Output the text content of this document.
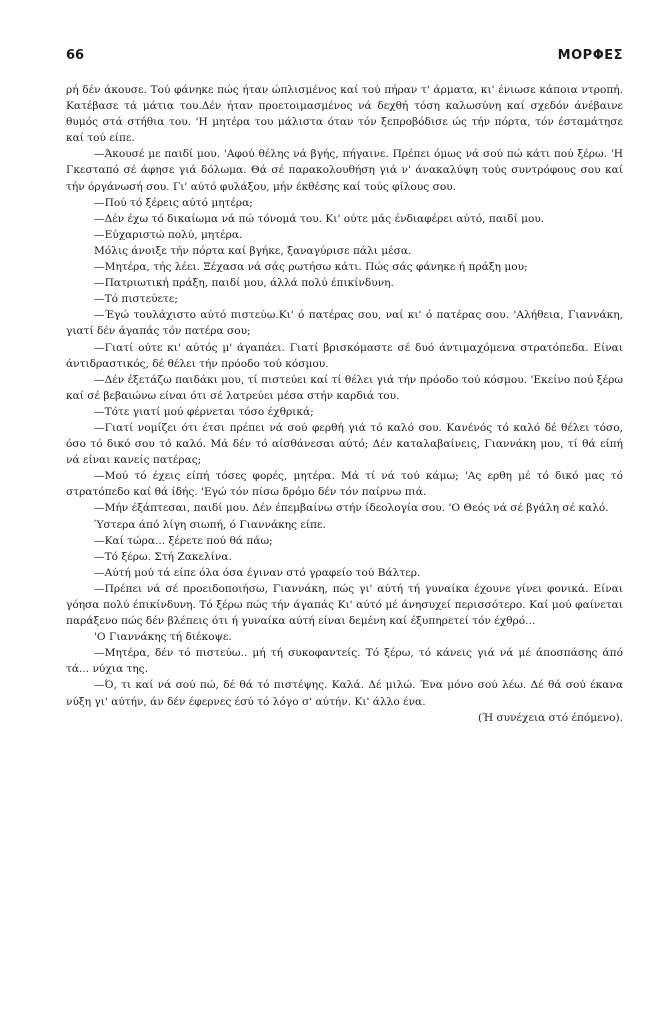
66	ΜΟΡΦΕΣ

ρή δέν άκουσε. Τού φάνηκε πώς ήταν ώπλισμένος καί τού πήραν τ' άρματα, κι' ένιωσε κάποια ντροπή. Κατέβασε τά μάτια του.Δέν ήταν προετοιμασμένος νά δεχθή τόση καλωσύνη καί σχεδόν άνέβαινε θυμός στά στήθια του. 'Η μητέρα του μάλιστα όταν τόν ξεπροβόδισε ώς τήν πόρτα, τόν έσταμάτησε καί τού είπε.

—Άκουσέ με παιδί μου. 'Αφού θέλης νά βγής, πήγαινε. Πρέπει όμως νά σού πώ κάτι πού ξέρω. 'Η Γκεσταπό σέ άφησε γιά δόλωμα. Θά σέ παρακολουθήση γιά ν' άνακαλύψη τούς συντρόφους σου καί τήν όργάνωσή σου. Γι' αύτό φυλάξου, μήν έκθέσης καί τούς φίλους σου.

—Πού τό ξέρεις αύτό μητέρα;

—Δέν έχω τό δικαίωμα νά πώ τόνομά του. Κι' ούτε μάς ένδιαφέρει αύτό, παιδί μου.

—Εύχαριστώ πολύ, μητέρα.

Μόλις άνοιξε τήν πόρτα καί βγήκε, ξαναγύρισε πάλι μέσα.

—Μητέρα, τής λέει. Ξέχασα νά σάς ρωτήσω κάτι. Πώς σάς φάνηκε ή πράξη μου;

—Πατριωτική πράξη, παιδί μου, άλλά πολύ έπικίνδυνη.

—Τό πιστεύετε;

—Έγώ τουλάχιστο αύτό πιστεύω.Κι' ό πατέρας σου, ναί κι' ό πατέρας σου. 'Αλήθεια, Γιαννάκη, γιατί δέν άγαπάς τόν πατέρα σου;

—Γιατί ούτε κι' αύτός μ' άγαπάει. Γιατί βρισκόμαστε σέ δυό άντιμαχόμενα στρατόπεδα. Είναι άντιδραστικός, δέ θέλει τήν πρόοδο τού κόσμου.

—Δέν έξετάζω παιδάκι μου, τί πιστεύει καί τί θέλει γιά τήν πρόοδο τού κόσμου. 'Εκείνο πού ξέρω καί σέ βεβαιώνω είναι ότι σέ λατρεύει μέσα στήν καρδιά του.

—Τότε γιατί μού φέρνεται τόσο έχθρικά;

—Γιατί νομίζει ότι έτσι πρέπει νά σού φερθή γιά τό καλό σου. Κανένός τό καλό δέ θέλει τόσο, όσο τό δικό σου τό καλό. Μά δέν τό αίσθάνεσαι αύτό; Δέν καταλαβαίνεις, Γιαννάκη μου, τί θά είπή νά είναι κανείς πατέρας;

—Μού τό έχεις είπή τόσες φορές, μητέρα. Μά τί νά τού κάμω; 'Ας ερθη μέ τό δικό μας τό στρατόπεδο καί θά ίδής. 'Εγώ τόν πίσω δρόμο δέν τόν παίρνω πιά.

—Μήν έξάπτεσαι, παιδί μου. Δέν έπεμβαίνω στήν ίδεολογία σου. 'Ο Θεός νά σέ βγάλη σέ καλό.

Ύστερα άπό λίγη σιωπή, ό Γιαννάκης είπε.

—Καί τώρα... ξέρετε πού θά πάω;

—Τό ξέρω. Στή Ζακελίνα.

—Αύτή μού τά είπε όλα όσα έγιναν στό γραφείο τού Βάλτερ.

—Πρέπει νά σέ προειδοποιήσω, Γιαννάκη, πώς γι' αύτή τή γυναίκα έχουνε γίνει φονικά. Είναι γόησα πολύ έπικίνδυνη. Τό ξέρω πώς τήν άγαπάς Κι' αύτό μέ άνησυχεί περισσότερο. Καί μού φαίνεται παράξενο πώς δέν βλέπεις ότι ή γυναίκα αύτή είναι δεμένη καί έξυπηρετεί τόν έχθρό...

'Ο Γιαννάκης τή διέκοψε.

—Μητέρα, δέν τό πιστεύω.. μή τή συκοφαντείς. Τό ξέρω, τό κάνεις γιά νά μέ άποσπάσης άπό τά... νύχια της.

—Ό, τι καί νά σού πώ, δέ θά τό πιστέψης. Καλά. Δέ μιλώ. Ένα μόνο σού λέω. Δέ θά σού έκανα νύξη γι' αύτήν, άν δέν έφερνες έσύ τό λόγο σ' αύτήν. Κι' άλλο ένα.

(Ή συνέχεια στό έπόμενο).
